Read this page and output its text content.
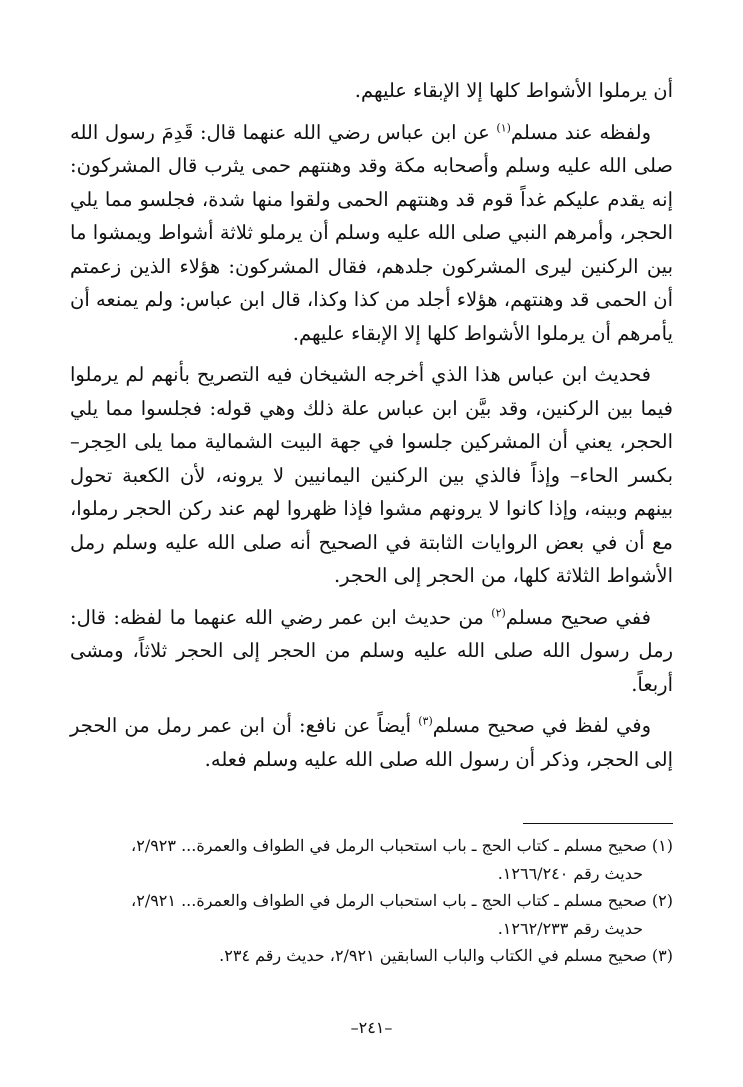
أن يرملوا الأشواط كلها إلا الإبقاء عليهم.

ولفظه عند مسلم$^{(١)}$ عن ابن عباس رضي الله عنهما قال: قَدِمَ رسول الله صلى الله عليه وسلم وأصحابه مكة وقد وهنتهم حمى يثرب قال المشركون: إنه يقدم عليكم غداً قوم قد وهنتهم الحمى ولقوا منها شدة، فجلسو مما يلي الحجر، وأمرهم النبي صلى الله عليه وسلم أن يرملو ثلاثة أشواط ويمشوا ما بين الركنين ليرى المشركون جلدهم، فقال المشركون: هؤلاء الذين زعمتم أن الحمى قد وهنتهم، هؤلاء أجلد من كذا وكذا، قال ابن عباس: ولم يمنعه أن يأمرهم أن يرملوا الأشواط كلها إلا الإبقاء عليهم.

فحديث ابن عباس هذا الذي أخرجه الشيخان فيه التصريح بأنهم لم يرملوا فيما بين الركنين، وقد بيَّن ابن عباس علة ذلك وهي قوله: فجلسوا مما يلي الحجر، يعني أن المشركين جلسوا في جهة البيت الشمالية مما يلى الحِجر– بكسر الحاء– وإذاً فالذي بين الركنين اليمانيين لا يرونه، لأن الكعبة تحول بينهم وبينه، وإذا كانوا لا يرونهم مشوا فإذا ظهروا لهم عند ركن الحجر رملوا، مع أن في بعض الروايات الثابتة في الصحيح أنه صلى الله عليه وسلم رمل الأشواط الثلاثة كلها، من الحجر إلى الحجر.

ففي صحيح مسلم$^{(٢)}$ من حديث ابن عمر رضي الله عنهما ما لفظه: قال: رمل رسول الله صلى الله عليه وسلم من الحجر إلى الحجر ثلاثاً، ومشى أربعاً.

وفي لفظ في صحيح مسلم$^{(٣)}$ أيضاً عن نافع: أن ابن عمر رمل من الحجر إلى الحجر، وذكر أن رسول الله صلى الله عليه وسلم فعله.

(١) صحيح مسلم ـ كتاب الحج ـ باب استحباب الرمل في الطواف والعمرة... ٢/٩٢٣،

حديث رقم ١٢٦٦/٢٤٠.

(٢) صحيح مسلم ـ كتاب الحج ـ باب استحباب الرمل في الطواف والعمرة... ٢/٩٢١،

حديث رقم ١٢٦٢/٢٣٣.

(٣) صحيح مسلم في الكتاب والباب السابقين ٢/٩٢١، حديث رقم ٢٣٤.

–٢٤١–
